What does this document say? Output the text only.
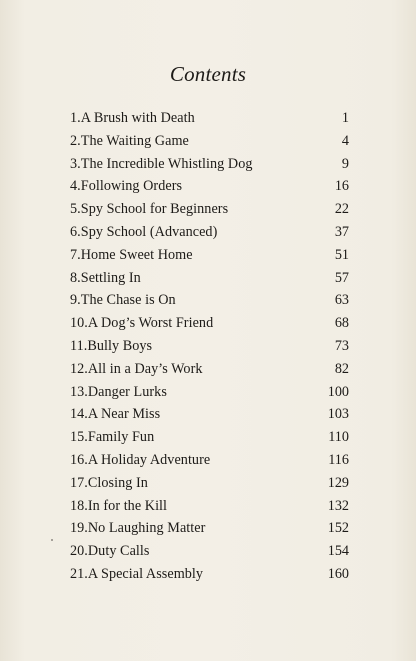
Contents
1.A Brush with Death	1
2.The Waiting Game	4
3.The Incredible Whistling Dog	9
4.Following Orders	16
5.Spy School for Beginners	22
6.Spy School (Advanced)	37
7.Home Sweet Home	51
8.Settling In	57
9.The Chase is On	63
10.A Dog’s Worst Friend	68
11.Bully Boys	73
12.All in a Day’s Work	82
13.Danger Lurks	100
14.A Near Miss	103
15.Family Fun	110
16.A Holiday Adventure	116
17.Closing In	129
18.In for the Kill	132
19.No Laughing Matter	152
20.Duty Calls	154
21.A Special Assembly	160
